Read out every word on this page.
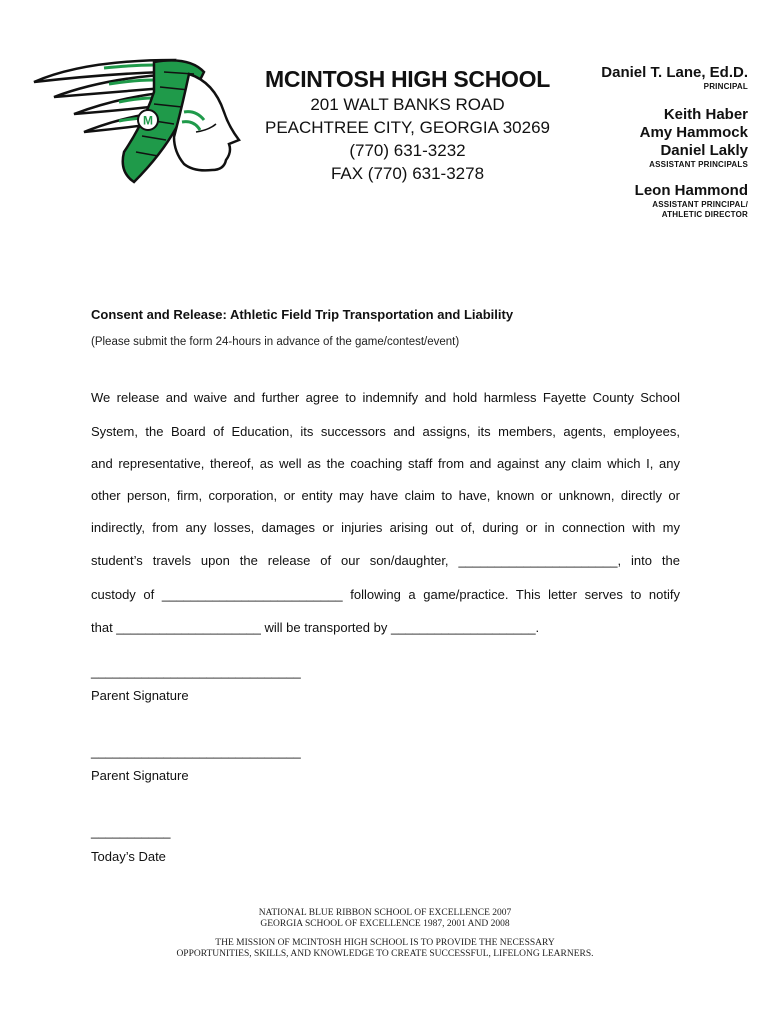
M
MCINTOSH HIGH SCHOOL
201 WALT BANKS ROAD
PEACHTREE CITY, GEORGIA 30269
(770) 631-3232
FAX (770) 631-3278
Daniel T. Lane, Ed.D.
PRINCIPAL
Keith Haber
Amy Hammock
Daniel Lakly
ASSISTANT PRINCIPALS
Leon Hammond
ASSISTANT PRINCIPAL/
ATHLETIC DIRECTOR
Consent and Release: Athletic Field Trip Transportation and Liability
(Please submit the form 24-hours in advance of the game/contest/event)
We release and waive and further agree to indemnify and hold harmless Fayette County School
System, the Board of Education, its successors and assigns, its members, agents, employees,
and representative, thereof, as well as the coaching staff from and against any claim which I, any
other person, firm, corporation, or entity may have claim to have, known or unknown, directly or
indirectly, from any losses, damages or injuries arising out of, during or in connection with my
student’s travels upon the release of our son/daughter, ______________________, into the
custody of _________________________ following a game/practice. This letter serves to notify
that ____________________ will be transported by ____________________.
_____________________________
Parent Signature
_____________________________
Parent Signature
___________
Today’s Date
NATIONAL BLUE RIBBON SCHOOL OF EXCELLENCE 2007
GEORGIA SCHOOL OF EXCELLENCE 1987, 2001 AND 2008
THE MISSION OF MCINTOSH HIGH SCHOOL IS TO PROVIDE THE NECESSARY
OPPORTUNITIES, SKILLS, AND KNOWLEDGE TO CREATE SUCCESSFUL, LIFELONG LEARNERS.
